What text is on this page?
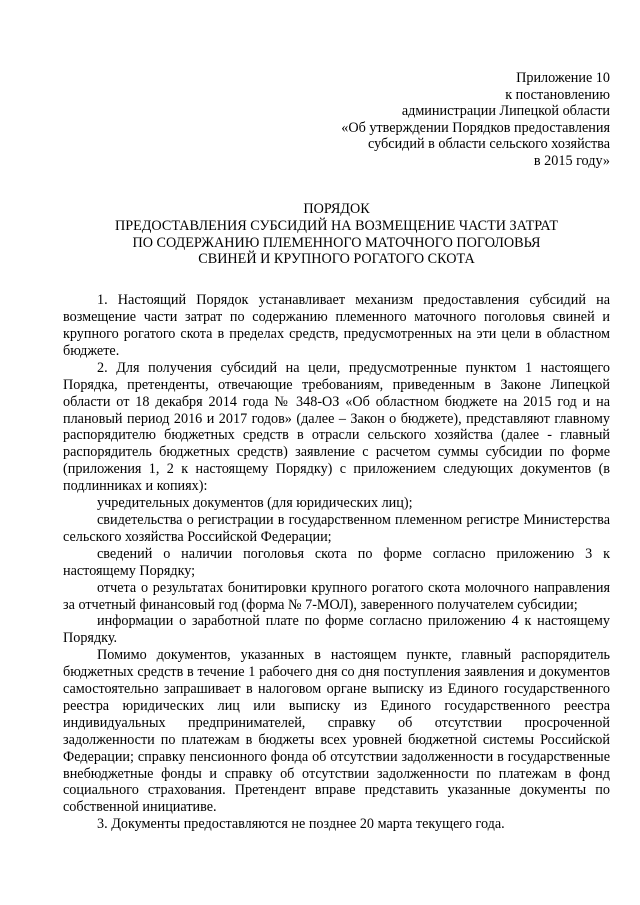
Приложение 10
к постановлению
администрации Липецкой области
«Об утверждении Порядков предоставления
субсидий в области сельского хозяйства
в 2015 году»
ПОРЯДОК
ПРЕДОСТАВЛЕНИЯ СУБСИДИЙ НА ВОЗМЕЩЕНИЕ ЧАСТИ ЗАТРАТ
ПО СОДЕРЖАНИЮ ПЛЕМЕННОГО МАТОЧНОГО ПОГОЛОВЬЯ
СВИНЕЙ И КРУПНОГО РОГАТОГО СКОТА

1. Настоящий Порядок устанавливает механизм предоставления субсидий на возмещение части затрат по содержанию племенного маточного поголовья свиней и крупного рогатого скота в пределах средств, предусмотренных на эти цели в областном бюджете.

2. Для получения субсидий на цели, предусмотренные пунктом 1 настоящего Порядка, претенденты, отвечающие требованиям, приведенным в Законе Липецкой области от 18 декабря 2014 года № 348-ОЗ «Об областном бюджете на 2015 год и на плановый период 2016 и 2017 годов» (далее – Закон о бюджете), представляют главному распорядителю бюджетных средств в отрасли сельского хозяйства (далее - главный распорядитель бюджетных средств) заявление с расчетом суммы субсидии по форме (приложения 1, 2 к настоящему Порядку) с приложением следующих документов (в подлинниках и копиях):

учредительных документов (для юридических лиц);

свидетельства о регистрации в государственном племенном регистре Министерства сельского хозяйства Российской Федерации;

сведений о наличии поголовья скота по форме согласно приложению 3 к настоящему Порядку;

отчета о результатах бонитировки крупного рогатого скота молочного направления за отчетный финансовый год (форма № 7-МОЛ), заверенного получателем субсидии;

информации о заработной плате по форме согласно приложению 4 к настоящему Порядку.

Помимо документов, указанных в настоящем пункте, главный распорядитель бюджетных средств в течение 1 рабочего дня со дня поступления заявления и документов самостоятельно запрашивает в налоговом органе выписку из Единого государственного реестра юридических лиц или выписку из Единого государственного реестра индивидуальных предпринимателей, справку об отсутствии просроченной задолженности по платежам в бюджеты всех уровней бюджетной системы Российской Федерации; справку пенсионного фонда об отсутствии задолженности в государственные внебюджетные фонды и справку об отсутствии задолженности по платежам в фонд социального страхования. Претендент вправе представить указанные документы по собственной инициативе.

3. Документы предоставляются не позднее 20 марта текущего года.
